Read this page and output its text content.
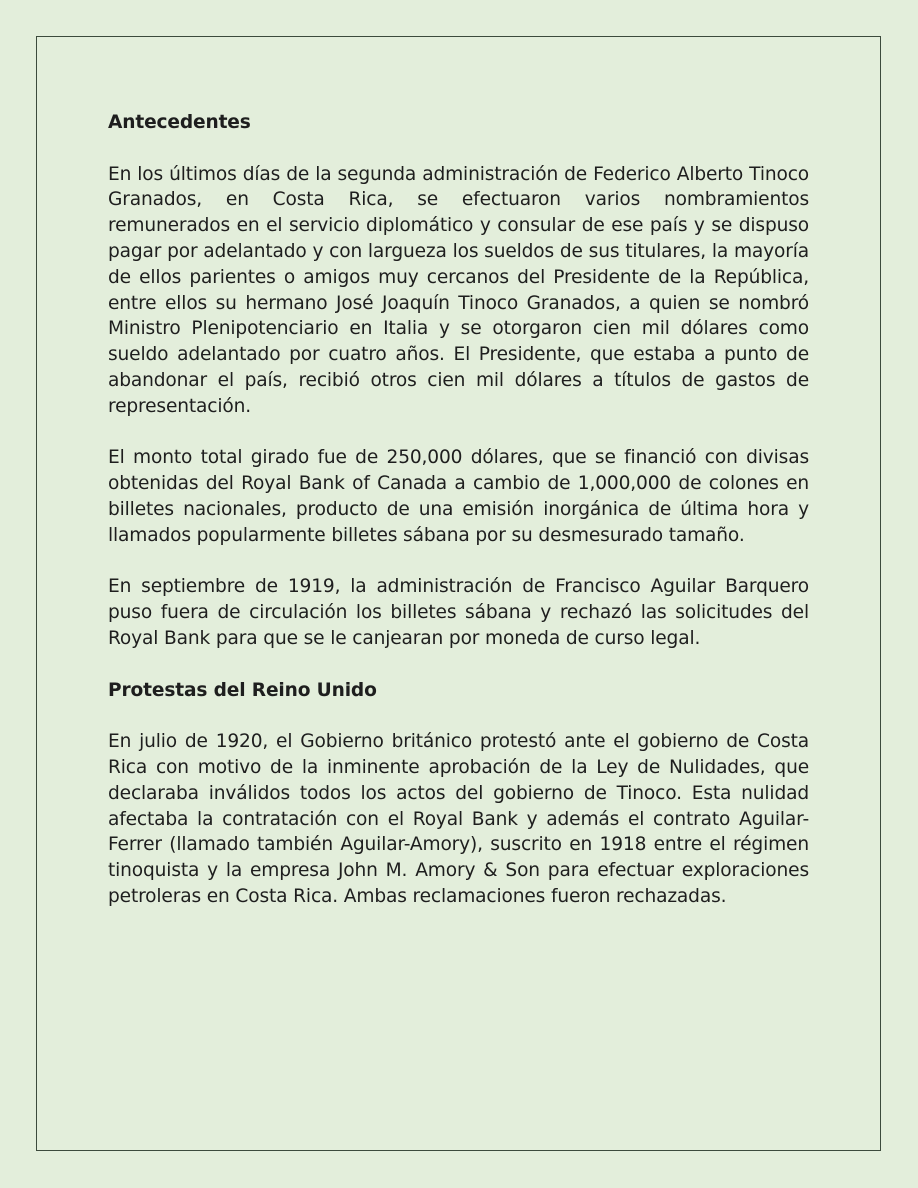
Antecedentes

En los últimos días de la segunda administración de Federico Alberto Tinoco Granados, en Costa Rica, se efectuaron varios nombramientos remunerados en el servicio diplomático y consular de ese país y se dispuso pagar por adelantado y con largueza los sueldos de sus titulares, la mayoría de ellos parientes o amigos muy cercanos del Presidente de la República, entre ellos su hermano José Joaquín Tinoco Granados, a quien se nombró Ministro Plenipotenciario en Italia y se otorgaron cien mil dólares como sueldo adelantado por cuatro años. El Presidente, que estaba a punto de abandonar el país, recibió otros cien mil dólares a títulos de gastos de representación.

El monto total girado fue de 250,000 dólares, que se financió con divisas obtenidas del Royal Bank of Canada a cambio de 1,000,000 de colones en billetes nacionales, producto de una emisión inorgánica de última hora y llamados popularmente billetes sábana por su desmesurado tamaño.

En septiembre de 1919, la administración de Francisco Aguilar Barquero puso fuera de circulación los billetes sábana y rechazó las solicitudes del Royal Bank para que se le canjearan por moneda de curso legal.

Protestas del Reino Unido

En julio de 1920, el Gobierno británico protestó ante el gobierno de Costa Rica con motivo de la inminente aprobación de la Ley de Nulidades, que declaraba inválidos todos los actos del gobierno de Tinoco. Esta nulidad afectaba la contratación con el Royal Bank y además el contrato Aguilar-Ferrer (llamado también Aguilar-Amory), suscrito en 1918 entre el régimen tinoquista y la empresa John M. Amory & Son para efectuar exploraciones petroleras en Costa Rica. Ambas reclamaciones fueron rechazadas.
